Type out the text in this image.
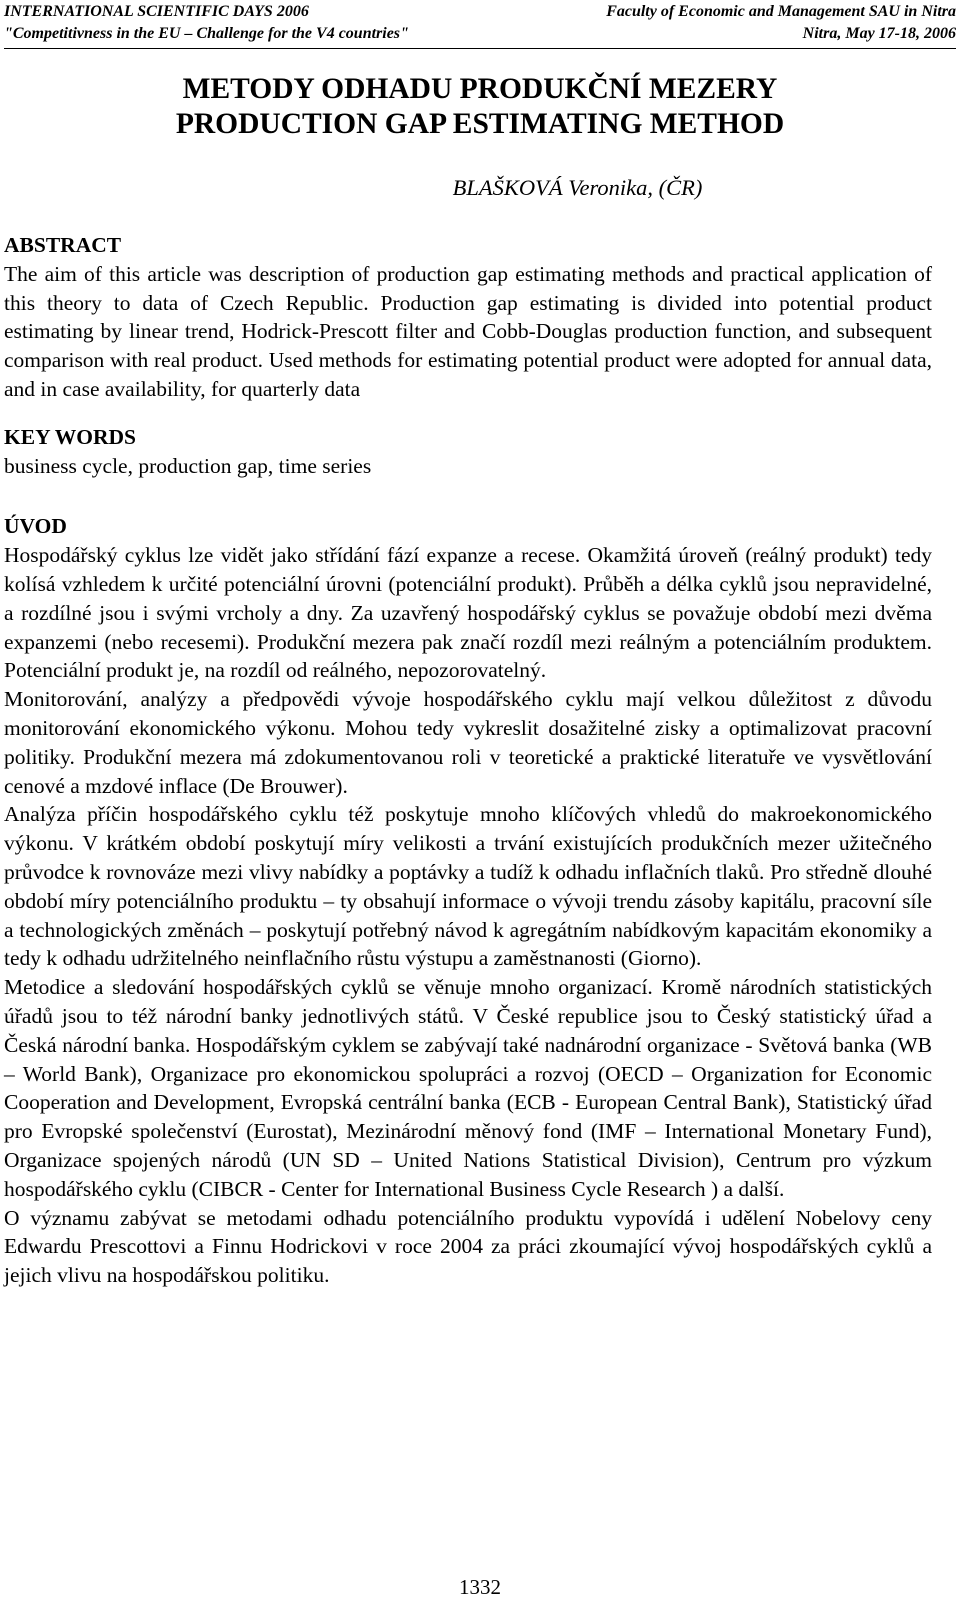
INTERNATIONAL SCIENTIFIC DAYS 2006	Faculty of Economic and Management SAU in Nitra
"Competitivness in the EU – Challenge for the V4 countries"	Nitra, May 17-18, 2006
METODY ODHADU PRODUKČNÍ MEZERY
PRODUCTION GAP ESTIMATING METHOD
BLAŠKOVÁ Veronika, (ČR)
ABSTRACT

The aim of this article was description of production gap estimating methods and practical application of this theory to data of Czech Republic. Production gap estimating is divided into potential product estimating by linear trend, Hodrick-Prescott filter and Cobb-Douglas production function, and subsequent comparison with real product. Used methods for estimating potential product were adopted for annual data, and in case availability, for quarterly data

KEY WORDS

business cycle, production gap, time series

ÚVOD

Hospodářský cyklus lze vidět jako střídání fází expanze a recese. Okamžitá úroveň (reálný produkt) tedy kolísá vzhledem k určité potenciální úrovni (potenciální produkt). Průběh a délka cyklů jsou nepravidelné, a rozdílné jsou i svými vrcholy a dny. Za uzavřený hospodářský cyklus se považuje období mezi dvěma expanzemi (nebo recesemi). Produkční mezera pak značí rozdíl mezi reálným a potenciálním produktem. Potenciální produkt je, na rozdíl od reálného, nepozorovatelný.

Monitorování, analýzy a předpovědi vývoje hospodářského cyklu mají velkou důležitost z důvodu monitorování ekonomického výkonu. Mohou tedy vykreslit dosažitelné zisky a optimalizovat pracovní politiky. Produkční mezera má zdokumentovanou roli v teoretické a praktické literatuře ve vysvětlování cenové a mzdové inflace (De Brouwer).

Analýza příčin hospodářského cyklu též poskytuje mnoho klíčových vhledů do makroekonomického výkonu. V krátkém období poskytují míry velikosti a trvání existujících produkčních mezer užitečného průvodce k rovnováze mezi vlivy nabídky a poptávky a tudíž k odhadu inflačních tlaků. Pro středně dlouhé období míry potenciálního produktu – ty obsahují informace o vývoji trendu zásoby kapitálu, pracovní síle a technologických změnách – poskytují potřebný návod k agregátním nabídkovým kapacitám ekonomiky a tedy k odhadu udržitelného neinflačního růstu výstupu a zaměstnanosti (Giorno).

Metodice a sledování hospodářských cyklů se věnuje mnoho organizací. Kromě národních statistických úřadů jsou to též národní banky jednotlivých států. V České republice jsou to Český statistický úřad a Česká národní banka. Hospodářským cyklem se zabývají také nadnárodní organizace - Světová banka (WB – World Bank), Organizace pro ekonomickou spolupráci a rozvoj (OECD – Organization for Economic Cooperation and Development, Evropská centrální banka (ECB - European Central Bank), Statistický úřad pro Evropské společenství (Eurostat), Mezinárodní měnový fond (IMF – International Monetary Fund), Organizace spojených národů (UN SD – United Nations Statistical Division), Centrum pro výzkum hospodářského cyklu (CIBCR - Center for International Business Cycle Research ) a další.

O významu zabývat se metodami odhadu potenciálního produktu vypovídá i udělení Nobelovy ceny Edwardu Prescottovi a Finnu Hodrickovi v roce 2004 za práci zkoumající vývoj hospodářských cyklů a jejich vlivu na hospodářskou politiku.

1332
